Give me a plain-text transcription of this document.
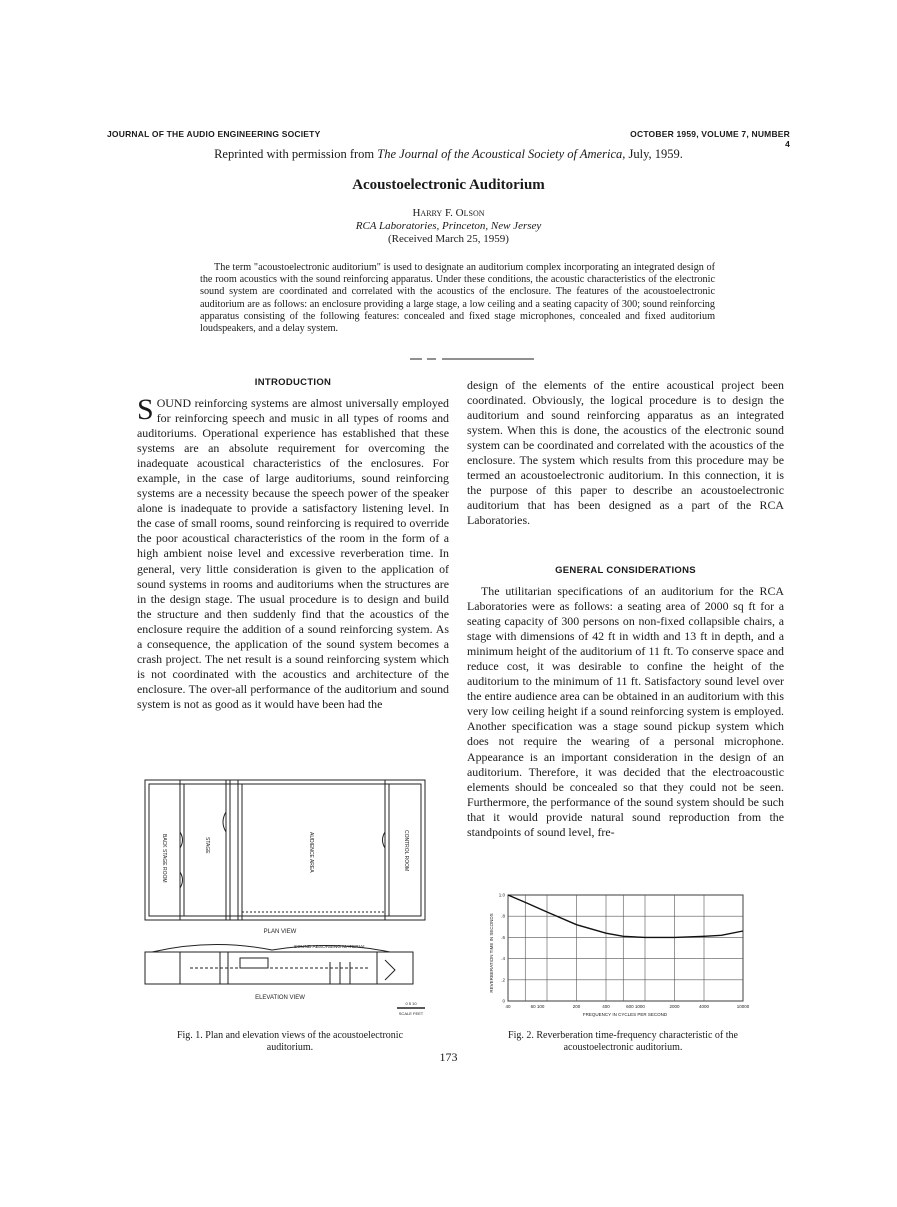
JOURNAL OF THE AUDIO ENGINEERING SOCIETY	OCTOBER 1959, VOLUME 7, NUMBER 4
Reprinted with permission from The Journal of the Acoustical Society of America, July, 1959.
Acoustoelectronic Auditorium
Harry F. Olson
RCA Laboratories, Princeton, New Jersey
(Received March 25, 1959)

The term "acoustoelectronic auditorium" is used to designate an auditorium complex incorporating an integrated design of the room acoustics with the sound reinforcing apparatus. Under these conditions, the acoustic characteristics of the electronic sound system are coordinated and correlated with the acoustics of the enclosure. The features of the acoustoelectronic auditorium are as follows: an enclosure providing a large stage, a low ceiling and a seating capacity of 300; sound reinforcing apparatus consisting of the following features: concealed and fixed stage microphones, concealed and fixed auditorium loudspeakers, and a delay system.

INTRODUCTION

SOUND reinforcing systems are almost universally employed for reinforcing speech and music in all types of rooms and auditoriums. Operational experience has established that these systems are an absolute requirement for overcoming the inadequate acoustical characteristics of the enclosures. For example, in the case of large auditoriums, sound reinforcing systems are a necessity because the speech power of the speaker alone is inadequate to provide a satisfactory listening level. In the case of small rooms, sound reinforcing is required to override the poor acoustical characteristics of the room in the form of a high ambient noise level and excessive reverberation time. In general, very little consideration is given to the application of sound systems in rooms and auditoriums when the structures are in the design stage. The usual procedure is to design and build the structure and then suddenly find that the acoustics of the enclosure require the addition of a sound reinforcing system. As a consequence, the application of the sound system becomes a crash project. The net result is a sound reinforcing system which is not coordinated with the acoustics and architecture of the enclosure. The over-all performance of the auditorium and sound system is not as good as it would have been had the

design of the elements of the entire acoustical project been coordinated. Obviously, the logical procedure is to design the auditorium and sound reinforcing apparatus as an integrated system. When this is done, the acoustics of the electronic sound system can be coordinated and correlated with the acoustics of the enclosure. The system which results from this procedure may be termed an acoustoelectronic auditorium. In this connection, it is the purpose of this paper to describe an acoustoelectronic auditorium that has been designed as a part of the RCA Laboratories.

GENERAL CONSIDERATIONS

The utilitarian specifications of an auditorium for the RCA Laboratories were as follows: a seating area of 2000 sq ft for a seating capacity of 300 persons on non-fixed collapsible chairs, a stage with dimensions of 42 ft in width and 13 ft in depth, and a minimum height of the auditorium of 11 ft. To conserve space and reduce cost, it was desirable to confine the height of the auditorium to the minimum of 11 ft. Satisfactory sound level over the entire audience area can be obtained in an auditorium with this very low ceiling height if a sound reinforcing system is employed. Another specification was a stage sound pickup system which does not require the wearing of a personal microphone. Appearance is an important consideration in the design of an auditorium. Therefore, it was decided that the electroacoustic elements should be concealed so that they could not be seen. Furthermore, the performance of the sound system should be such that it would provide natural sound reproduction from the standpoints of sound level, fre-

BACK STAGE ROOM	STAGE	AUDIENCE AREA	CONTROL ROOM
PLAN VIEW
SOUND ABSORBING MATERIAL
ELEVATION VIEW
0 5 10
SCALE FEET
Fig. 1. Plan and elevation views of the acoustoelectronic auditorium.
REVERBERATION TIME IN SECONDS
FREQUENCY IN CYCLES PER SECOND
0
.2
.4
.6
.8
1.0
40	60 100	200	400	600 1000	2000	4000	10000
Fig. 2. Reverberation time-frequency characteristic of the acoustoelectronic auditorium.
173
